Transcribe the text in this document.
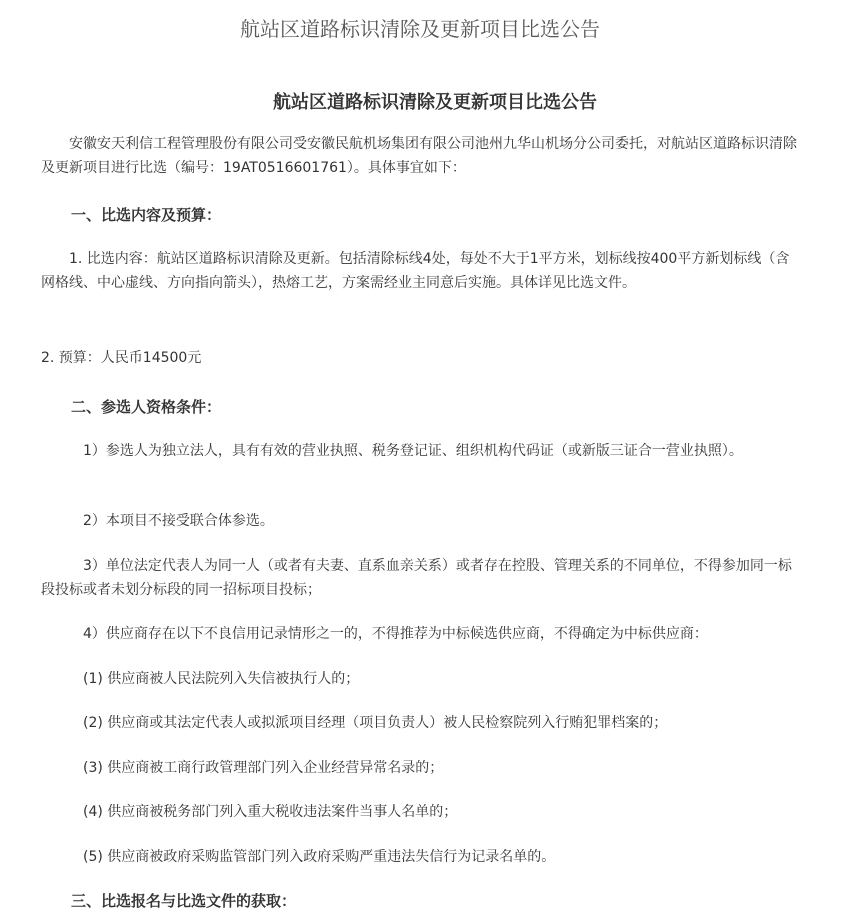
航站区道路标识清除及更新项目比选公告
航站区道路标识清除及更新项目比选公告

　　安徽安天利信工程管理股份有限公司受安徽民航机场集团有限公司池州九华山机场分公司委托，对航站区道路标识清除及更新项目进行比选（编号：19AT0516601761）。具体事宜如下：

　　一、比选内容及预算：

　　1. 比选内容：航站区道路标识清除及更新。包括清除标线4处，每处不大于1平方米，划标线按400平方新划标线（含网格线、中心虚线、方向指向箭头），热熔工艺，方案需经业主同意后实施。具体详见比选文件。

2. 预算：人民币14500元

　　二、参选人资格条件：

　　　1）参选人为独立法人，具有有效的营业执照、税务登记证、组织机构代码证（或新版三证合一营业执照）。

　　　2）本项目不接受联合体参选。

　　　3）单位法定代表人为同一人（或者有夫妻、直系血亲关系）或者存在控股、管理关系的不同单位，不得参加同一标段投标或者未划分标段的同一招标项目投标；

　　　4）供应商存在以下不良信用记录情形之一的，不得推荐为中标候选供应商，不得确定为中标供应商：

　　　(1) 供应商被人民法院列入失信被执行人的；

　　　(2) 供应商或其法定代表人或拟派项目经理（项目负责人）被人民检察院列入行贿犯罪档案的；

　　　(3) 供应商被工商行政管理部门列入企业经营异常名录的；

　　　(4) 供应商被税务部门列入重大税收违法案件当事人名单的；

　　　(5) 供应商被政府采购监管部门列入政府采购严重违法失信行为记录名单的。

　　三、比选报名与比选文件的获取：
